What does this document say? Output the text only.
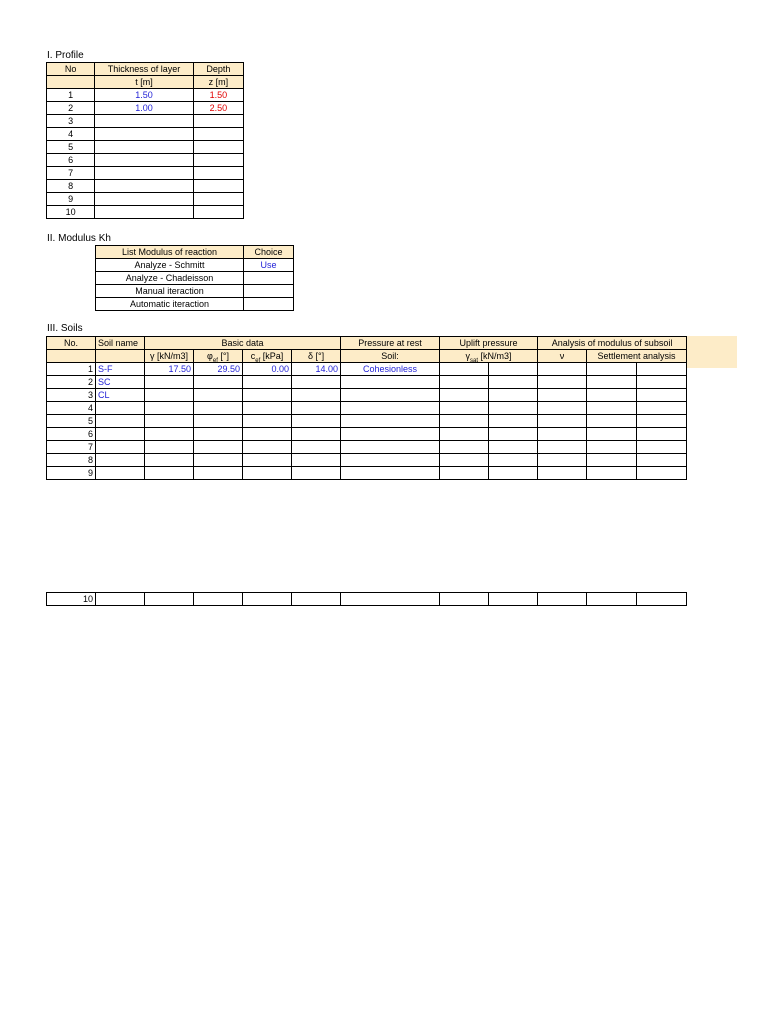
I. Profile
No	Thickness of layer	Depth
	t [m]	z [m]
1	1.50	1.50
2	1.00	2.50
3		
4		
5		
6		
7		
8		
9		
10		
II. Modulus Kh
List Modulus of reaction	Choice
Analyze - Schmitt	Use
Analyze - Chadeisson	
Manual iteraction	
Automatic iteraction	
III. Soils
No.	Soil name	Basic data				Pressure at rest	Uplift pressure		Analysis of modulus of subsoil		
		γ [kN/m3]	$\varphi_{ef}$ [°]	$c_{ef}$ [kPa]	δ [°]	Soil:	$\gamma_{sat}$ [kN/m3]		ν	Settlement analysis	
1	S-F	17.50	29.50	0.00	14.00	Cohesionless					
2	SC										
3	CL										
4											
5											
6											
7											
8											
9											
10											
